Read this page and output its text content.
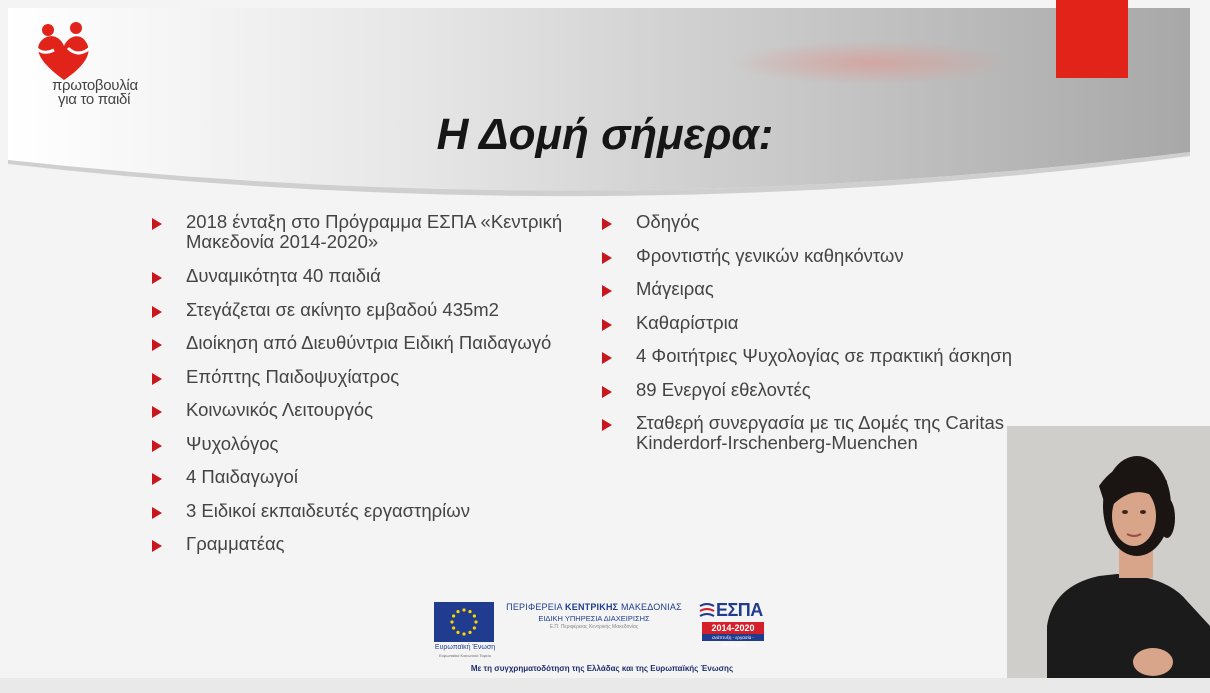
πρωτοβουλία
για το παιδί
Η Δομή σήμερα:
2018 ένταξη στο Πρόγραμμα ΕΣΠΑ «Κεντρική
Μακεδονία 2014-2020»
Δυναμικότητα 40 παιδιά
Στεγάζεται σε ακίνητο εμβαδού 435m2
Διοίκηση από Διευθύντρια Ειδική Παιδαγωγό
Επόπτης Παιδοψυχίατρος
Κοινωνικός Λειτουργός
Ψυχολόγος
4 Παιδαγωγοί
3 Ειδικοί εκπαιδευτές εργαστηρίων
Γραμματέας
Οδηγός
Φροντιστής γενικών καθηκόντων
Μάγειρας
Καθαρίστρια
4 Φοιτήτριες Ψυχολογίας σε πρακτική άσκηση
89 Ενεργοί εθελοντές
Σταθερή συνεργασία με τις Δομές της Caritas
Kinderdorf-Irschenberg-Muenchen
Ευρωπαϊκή Ένωση
Ευρωπαϊκό Κοινωνικό Ταμείο
ΠΕΡΙΦΕΡΕΙΑ ΚΕΝΤΡΙΚΗΣ ΜΑΚΕΔΟΝΙΑΣ
ΕΙΔΙΚΗ ΥΠΗΡΕΣΙΑ ΔΙΑΧΕΙΡΙΣΗΣ
Ε.Π. Περιφέρειας Κεντρικής Μακεδονίας
ΕΣΠΑ
2014-2020
ανάπτυξη - εργασία - αλληλεγγύη
Με τη συγχρηματοδότηση της Ελλάδας και της Ευρωπαϊκής Ένωσης
